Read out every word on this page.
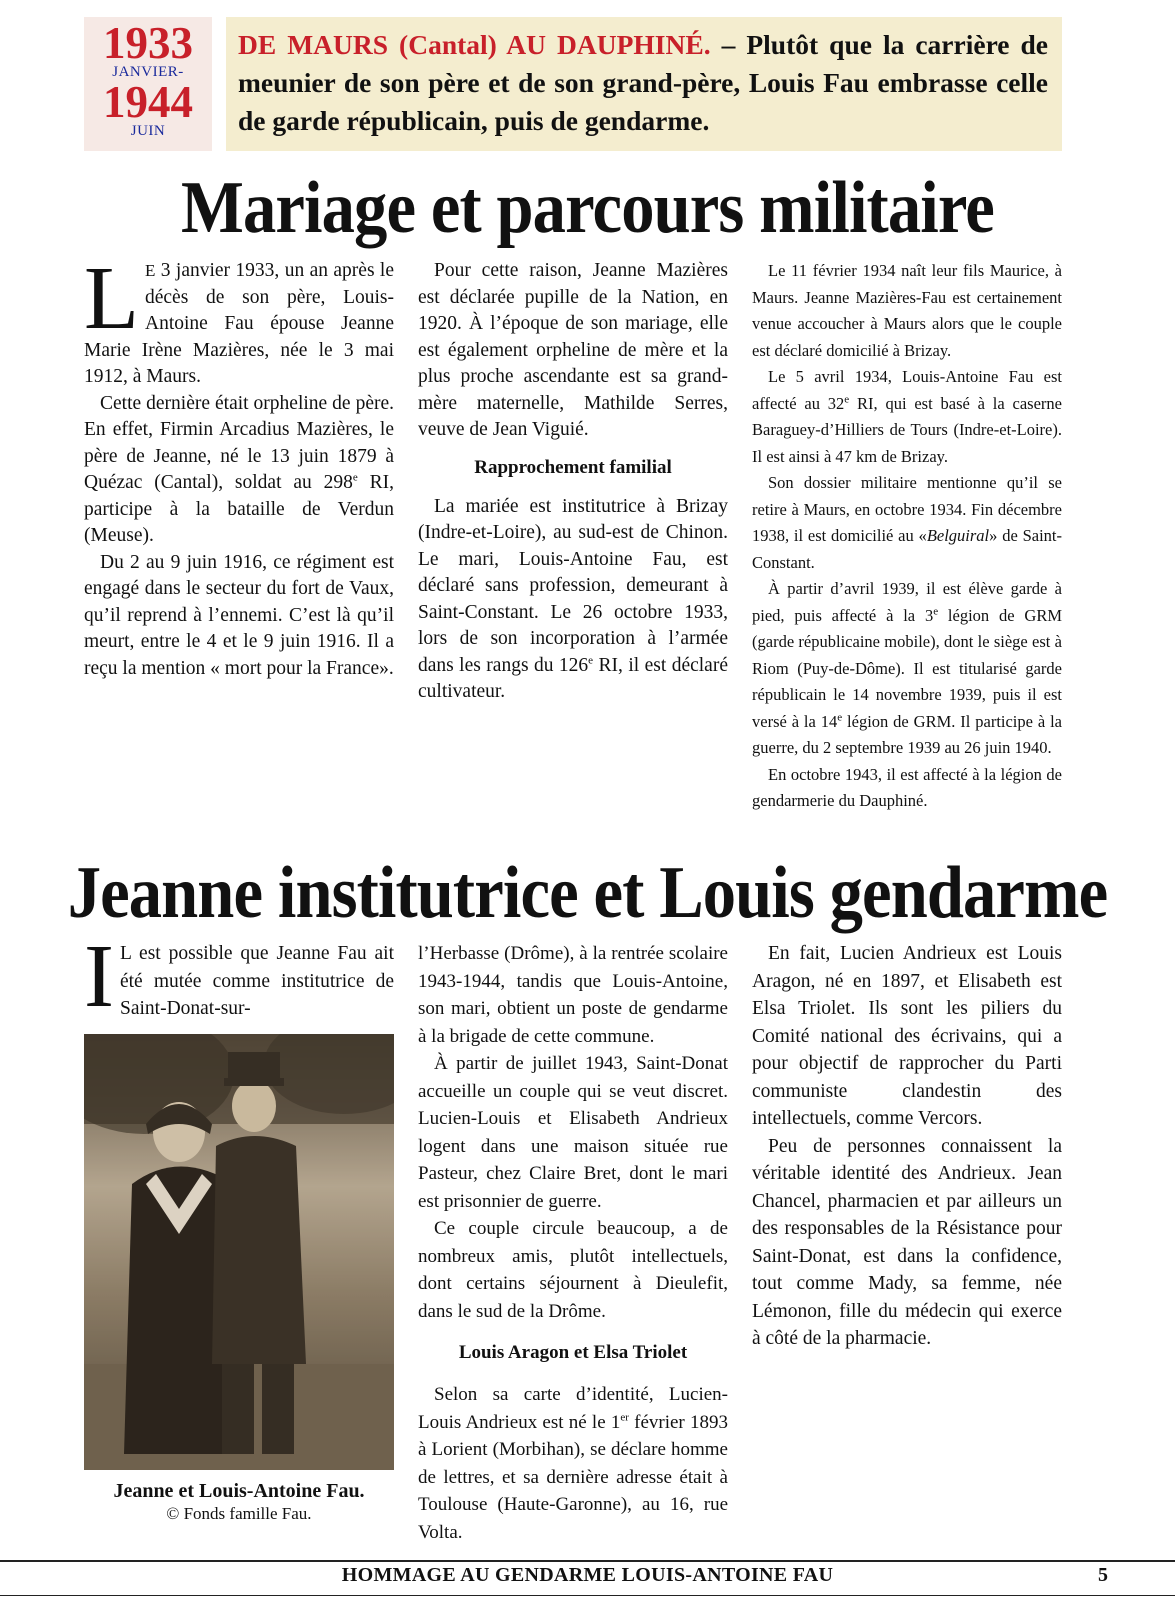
1933
JANVIER-
1944
JUIN
DE MAURS (Cantal) AU DAUPHINÉ. – Plutôt que la carrière de meunier de son père et de son grand-père, Louis Fau embrasse celle de garde républicain, puis de gendarme.
Mariage et parcours militaire

L E 3 janvier 1933, un an après le décès de son père, Louis-Antoine Fau épouse Jeanne Marie Irène Mazières, née le 3 mai 1912, à Maurs.

Cette dernière était orpheline de père. En effet, Firmin Arcadius Mazières, le père de Jeanne, né le 13 juin 1879 à Quézac (Cantal), soldat au 298e RI, participe à la bataille de Verdun (Meuse).

Du 2 au 9 juin 1916, ce régiment est engagé dans le secteur du fort de Vaux, qu’il reprend à l’ennemi. C’est là qu’il meurt, entre le 4 et le 9 juin 1916. Il a reçu la mention « mort pour la France».

Pour cette raison, Jeanne Mazières est déclarée pupille de la Nation, en 1920. À l’époque de son mariage, elle est également orpheline de mère et la plus proche ascendante est sa grand-mère maternelle, Mathilde Serres, veuve de Jean Viguié.

Rapprochement familial

La mariée est institutrice à Brizay (Indre-et-Loire), au sud-est de Chinon. Le mari, Louis-Antoine Fau, est déclaré sans profession, demeurant à Saint-Constant. Le 26 octobre 1933, lors de son incorporation à l’armée dans les rangs du 126e RI, il est déclaré cultivateur.

Le 11 février 1934 naît leur fils Maurice, à Maurs. Jeanne Mazières-Fau est certainement venue accoucher à Maurs alors que le couple est déclaré domicilié à Brizay.

Le 5 avril 1934, Louis-Antoine Fau est affecté au 32e RI, qui est basé à la caserne Baraguey-d’Hilliers de Tours (Indre-et-Loire). Il est ainsi à 47 km de Brizay.

Son dossier militaire mentionne qu’il se retire à Maurs, en octobre 1934. Fin décembre 1938, il est domicilié au «Belguiral» de Saint-Constant.

À partir d’avril 1939, il est élève garde à pied, puis affecté à la 3e légion de GRM (garde républicaine mobile), dont le siège est à Riom (Puy-de-Dôme). Il est titularisé garde républicain le 14 novembre 1939, puis il est versé à la 14e légion de GRM. Il participe à la guerre, du 2 septembre 1939 au 26 juin 1940.

En octobre 1943, il est affecté à la légion de gendarmerie du Dauphiné.

Jeanne institutrice et Louis gendarme

I L est possible que Jeanne Fau ait été mutée comme institutrice de Saint-Donat-sur-

Jeanne et Louis-Antoine Fau.
© Fonds famille Fau.

l’Herbasse (Drôme), à la rentrée scolaire 1943-1944, tandis que Louis-Antoine, son mari, obtient un poste de gendarme à la brigade de cette commune.

À partir de juillet 1943, Saint-Donat accueille un couple qui se veut discret. Lucien-Louis et Elisabeth Andrieux logent dans une maison située rue Pasteur, chez Claire Bret, dont le mari est prisonnier de guerre.

Ce couple circule beaucoup, a de nombreux amis, plutôt intellectuels, dont certains séjournent à Dieulefit, dans le sud de la Drôme.

Louis Aragon et Elsa Triolet

Selon sa carte d’identité, Lucien-Louis Andrieux est né le 1er février 1893 à Lorient (Morbihan), se déclare homme de lettres, et sa dernière adresse était à Toulouse (Haute-Garonne), au 16, rue Volta.

En fait, Lucien Andrieux est Louis Aragon, né en 1897, et Elisabeth est Elsa Triolet. Ils sont les piliers du Comité national des écrivains, qui a pour objectif de rapprocher du Parti communiste clandestin des intellectuels, comme Vercors.

Peu de personnes connaissent la véritable identité des Andrieux. Jean Chancel, pharmacien et par ailleurs un des responsables de la Résistance pour Saint-Donat, est dans la confidence, tout comme Mady, sa femme, née Lémonon, fille du médecin qui exerce à côté de la pharmacie.

HOMMAGE AU GENDARME LOUIS-ANTOINE FAU	5
